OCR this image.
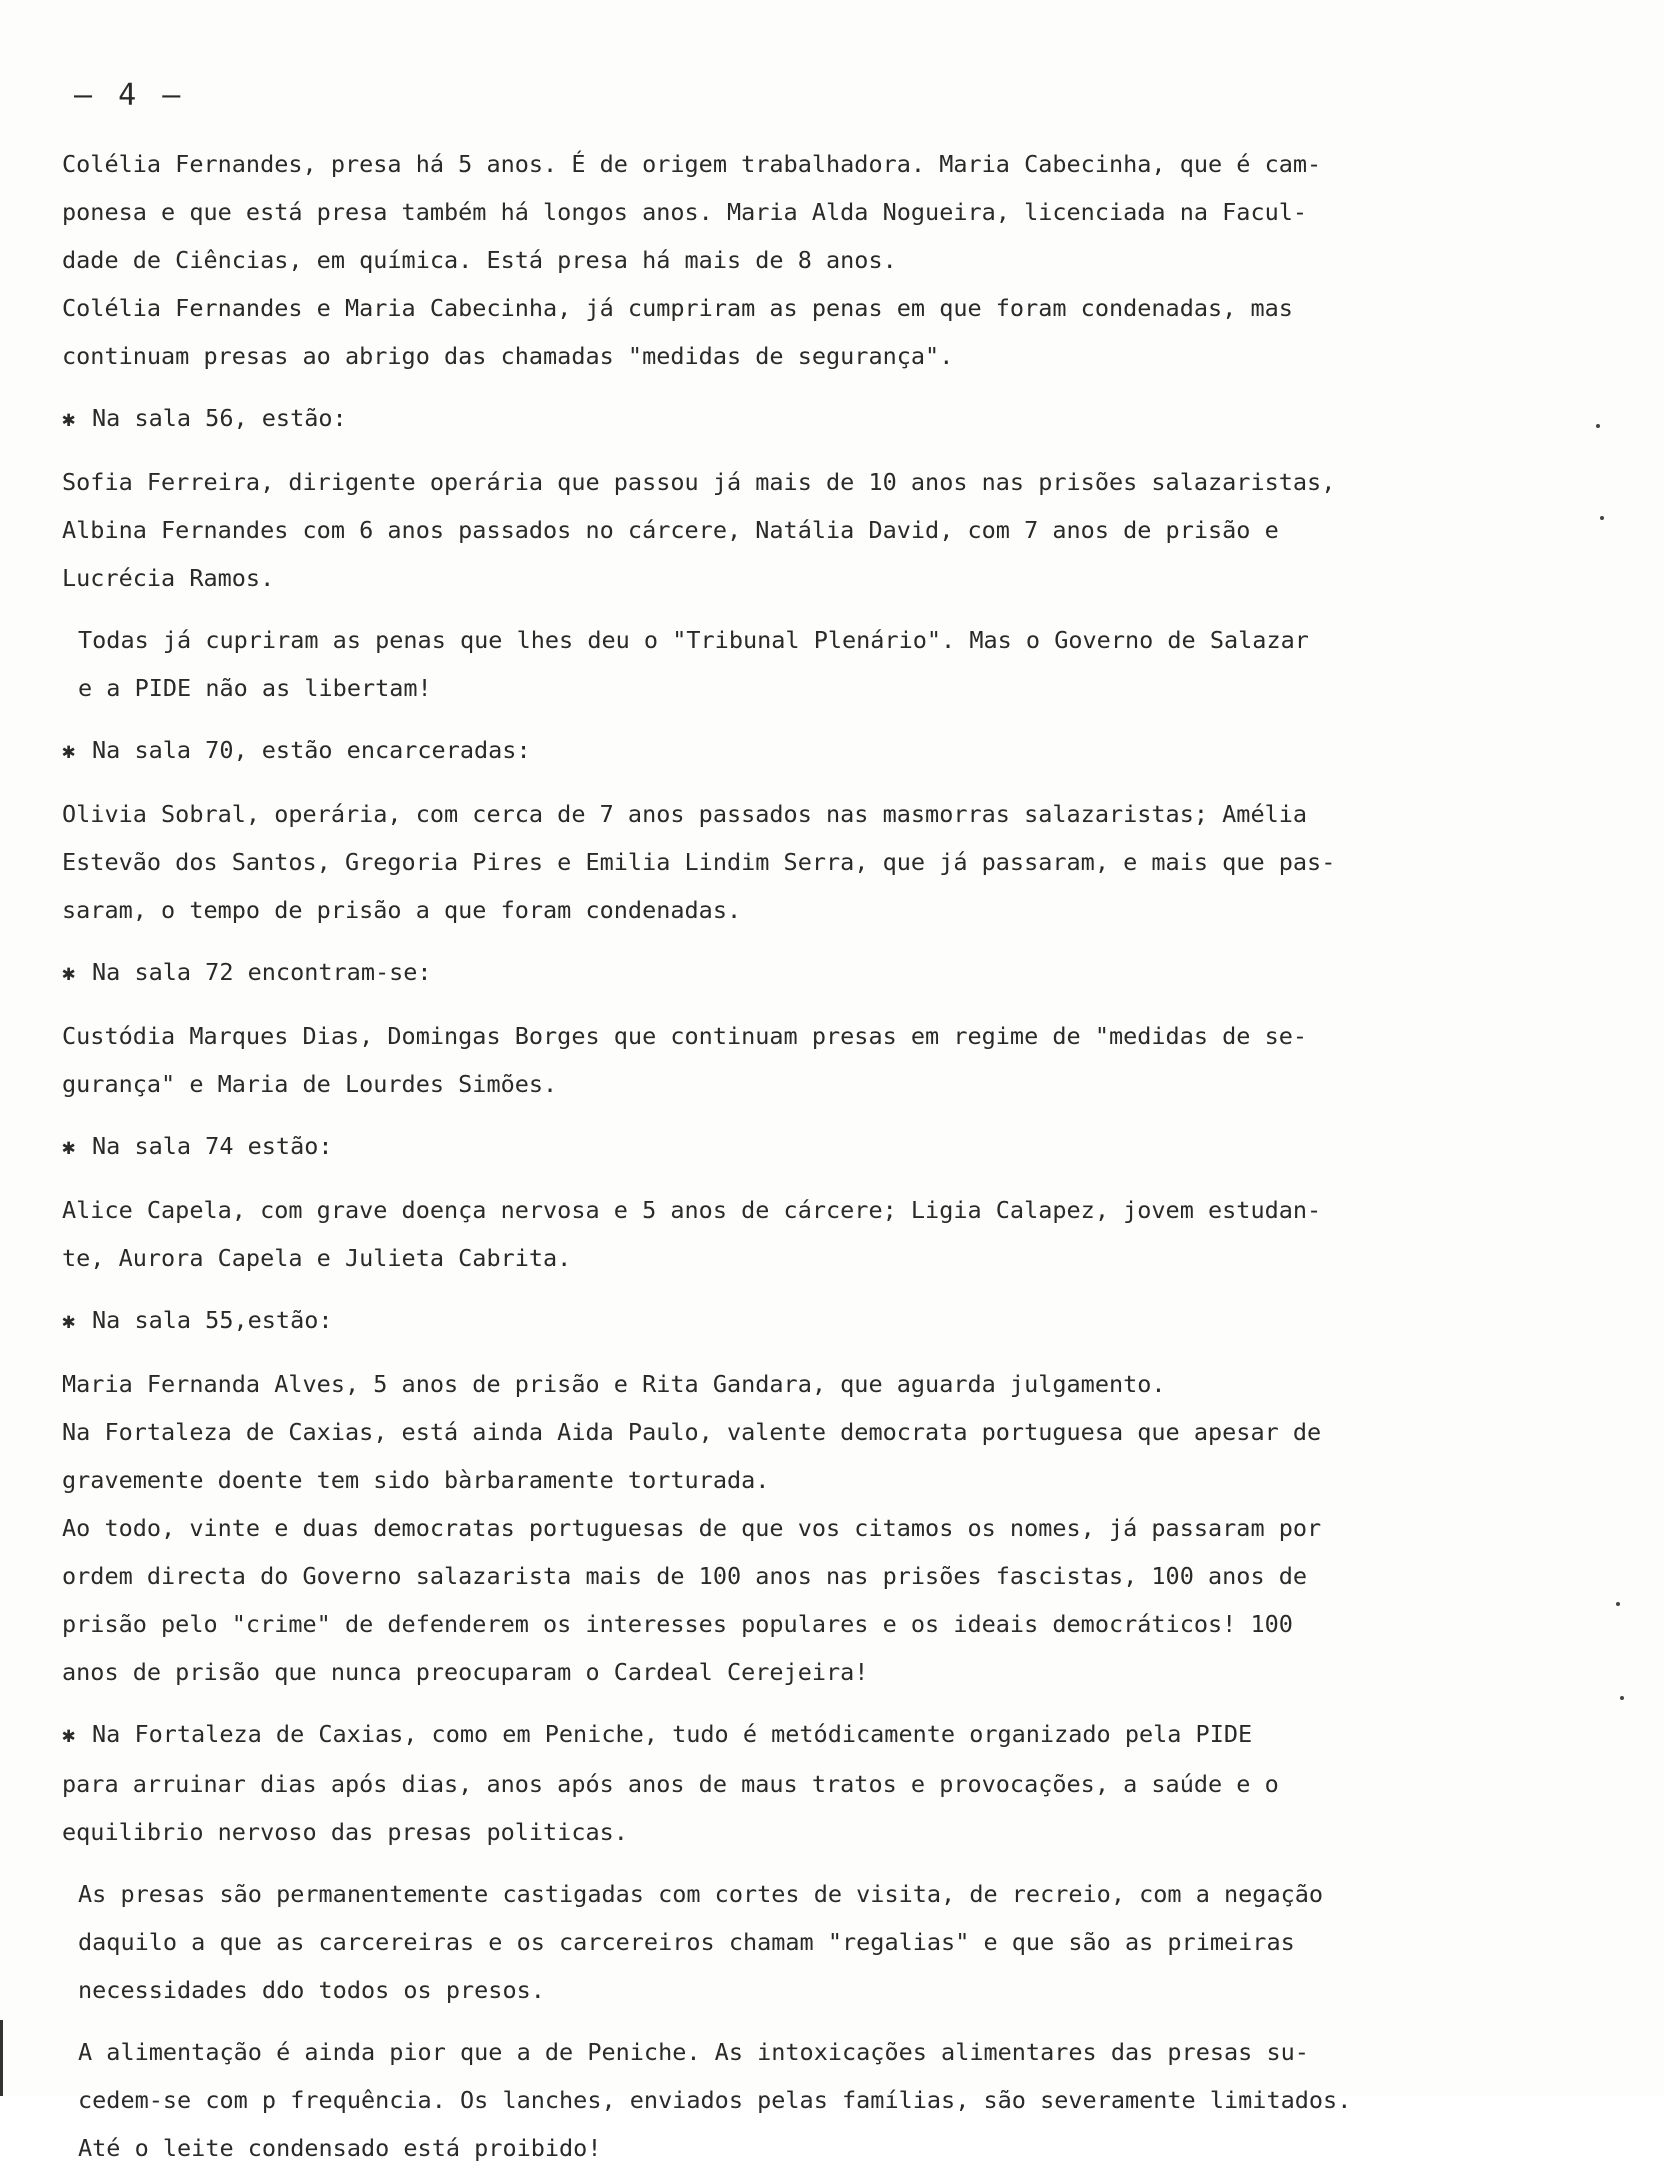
– 4 –
Colélia Fernandes, presa há 5 anos. É de origem trabalhadora. Maria Cabecinha, que é cam-
ponesa e que está presa também há longos anos. Maria Alda Nogueira, licenciada na Facul-
dade de Ciências, em química. Está presa há mais de 8 anos.
Colélia Fernandes e Maria Cabecinha, já cumpriram as penas em que foram condenadas, mas
continuam presas ao abrigo das chamadas "medidas de segurança".
✱ Na sala 56, estão:
Sofia Ferreira, dirigente operária que passou já mais de 10 anos nas prisões salazaristas,
Albina Fernandes com 6 anos passados no cárcere, Natália David, com 7 anos de prisão e
Lucrécia Ramos.
Todas já cupriram as penas que lhes deu o "Tribunal Plenário". Mas o Governo de Salazar
e a PIDE não as libertam!
✱ Na sala 70, estão encarceradas:
Olivia Sobral, operária, com cerca de 7 anos passados nas masmorras salazaristas; Amélia
Estevão dos Santos, Gregoria Pires e Emilia Lindim Serra, que já passaram, e mais que pas-
saram, o tempo de prisão a que foram condenadas.
✱ Na sala 72 encontram-se:
Custódia Marques Dias, Domingas Borges que continuam presas em regime de "medidas de se-
gurança" e Maria de Lourdes Simões.
✱ Na sala 74 estão:
Alice Capela, com grave doença nervosa e 5 anos de cárcere; Ligia Calapez, jovem estudan-
te, Aurora Capela e Julieta Cabrita.
✱ Na sala 55,estão:
Maria Fernanda Alves, 5 anos de prisão e Rita Gandara, que aguarda julgamento.
Na Fortaleza de Caxias, está ainda Aida Paulo, valente democrata portuguesa que apesar de
gravemente doente tem sido bàrbaramente torturada.
Ao todo, vinte e duas democratas portuguesas de que vos citamos os nomes, já passaram por
ordem directa do Governo salazarista mais de 100 anos nas prisões fascistas, 100 anos de
prisão pelo "crime" de defenderem os interesses populares e os ideais democráticos! 100
anos de prisão que nunca preocuparam o Cardeal Cerejeira!
✱ Na Fortaleza de Caxias, como em Peniche, tudo é metódicamente organizado pela PIDE
para arruinar dias após dias, anos após anos de maus tratos e provocações, a saúde e o
equilibrio nervoso das presas politicas.
As presas são permanentemente castigadas com cortes de visita, de recreio, com a negação
daquilo a que as carcereiras e os carcereiros chamam "regalias" e que são as primeiras
necessidades ddo todos os presos.
A alimentação é ainda pior que a de Peniche. As intoxicações alimentares das presas su-
cedem-se com p frequência. Os lanches, enviados pelas famílias, são severamente limitados.
Até o leite condensado está proibido!
